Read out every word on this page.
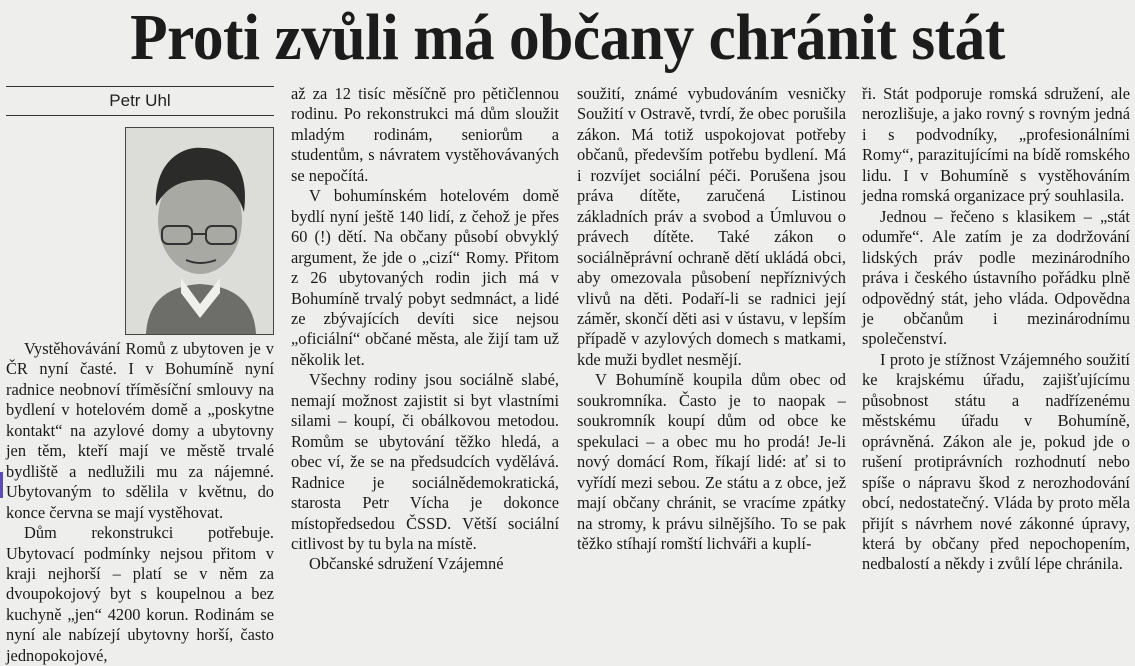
Proti zvůli má občany chránit stát
Petr Uhl

Vystěhovávání Romů z ubytoven je v ČR nyní časté. I v Bohumíně nyní radnice neobnoví tříměsíční smlouvy na bydlení v hotelovém domě a „poskytne kontakt“ na azylové domy a ubytovny jen těm, kteří mají ve městě trvalé bydliště a nedlužili mu za nájemné. Ubytovaným to sdělila v květnu, do konce června se mají vystěhovat.

Dům rekonstrukci potřebuje. Ubytovací podmínky nejsou přitom v kraji nejhorší – platí se v něm za dvoupokojový byt s koupelnou a bez kuchyně „jen“ 4200 korun. Rodinám se nyní ale nabízejí ubytovny horší, často jednopokojové,

až za 12 tisíc měsíčně pro pětičlennou rodinu. Po rekonstrukci má dům sloužit mladým rodinám, seniorům a studentům, s návratem vystěhovávaných se nepočítá.

V bohumínském hotelovém domě bydlí nyní ještě 140 lidí, z čehož je přes 60 (!) dětí. Na občany působí obvyklý argument, že jde o „cizí“ Romy. Přitom z 26 ubytovaných rodin jich má v Bohumíně trvalý pobyt sedmnáct, a lidé ze zbývajících devíti sice nejsou „oficiální“ občané města, ale žijí tam už několik let.

Všechny rodiny jsou sociálně slabé, nemají možnost zajistit si byt vlastními silami – koupí, či obálkovou metodou. Romům se ubytování těžko hledá, a obec ví, že se na předsudcích vydělává. Radnice je sociálnědemokratická, starosta Petr Vícha je dokonce místopředsedou ČSSD. Větší sociální citlivost by tu byla na místě.

Občanské sdružení Vzájemné

soužití, známé vybudováním vesničky Soužití v Ostravě, tvrdí, že obec porušila zákon. Má totiž uspokojovat potřeby občanů, především potřebu bydlení. Má i rozvíjet sociální péči. Porušena jsou práva dítěte, zaručená Listinou základních práv a svobod a Úmluvou o právech dítěte. Také zákon o sociálněprávní ochraně dětí ukládá obci, aby omezovala působení nepříznivých vlivů na děti. Podaří-li se radnici její záměr, skončí děti asi v ústavu, v lepším případě v azylových domech s matkami, kde muži bydlet nesmějí.

V Bohumíně koupila dům obec od soukromníka. Často je to naopak – soukromník koupí dům od obce ke spekulaci – a obec mu ho prodá! Je-li nový domácí Rom, říkají lidé: ať si to vyřídí mezi sebou. Ze státu a z obce, jež mají občany chránit, se vracíme zpátky na stromy, k právu silnějšího. To se pak těžko stíhají romští lichváři a kuplí-

ři. Stát podporuje romská sdružení, ale nerozlišuje, a jako rovný s rovným jedná i s podvodníky, „profesionálními Romy“, parazitujícími na bídě romského lidu. I v Bohumíně s vystěhováním jedna romská organizace prý souhlasila.

Jednou – řečeno s klasikem – „stát odumře“. Ale zatím je za dodržování lidských práv podle mezinárodního práva i českého ústavního pořádku plně odpovědný stát, jeho vláda. Odpovědna je občanům i mezinárodnímu společenství.

I proto je stížnost Vzájemného soužití ke krajskému úřadu, zajišťujícímu působnost státu a nadřízenému městskému úřadu v Bohumíně, oprávněná. Zákon ale je, pokud jde o rušení protiprávních rozhodnutí nebo spíše o nápravu škod z nerozhodování obcí, nedostatečný. Vláda by proto měla přijít s návrhem nové zákonné úpravy, která by občany před nepochopením, nedbalostí a někdy i zvůlí lépe chránila.
